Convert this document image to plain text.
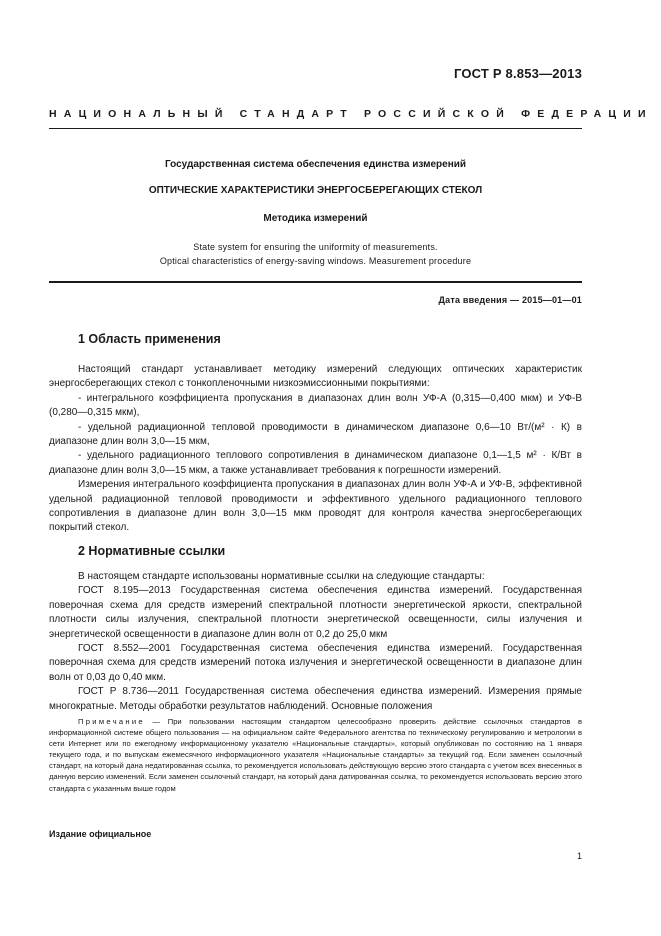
ГОСТ Р 8.853—2013
НАЦИОНАЛЬНЫЙ СТАНДАРТ РОССИЙСКОЙ ФЕДЕРАЦИИ
Государственная система обеспечения единства измерений
ОПТИЧЕСКИЕ ХАРАКТЕРИСТИКИ ЭНЕРГОСБЕРЕГАЮЩИХ СТЕКОЛ
Методика измерений
State system for ensuring the uniformity of measurements.
Optical characteristics of energy-saving windows. Measurement procedure
Дата введения — 2015—01—01
1 Область применения

Настоящий стандарт устанавливает методику измерений следующих оптических характеристик энергосберегающих стекол с тонкопленочными низкоэмиссионными покрытиями:

- интегрального коэффициента пропускания в диапазонах длин волн УФ-А (0,315—0,400 мкм) и УФ-В (0,280—0,315 мкм),

- удельной радиационной тепловой проводимости в динамическом диапазоне 0,6—10 Вт/(м² · К) в диапазоне длин волн 3,0—15 мкм,

- удельного радиационного теплового сопротивления в динамическом диапазоне 0,1—1,5 м² · К/Вт в диапазоне длин волн 3,0—15 мкм, а также устанавливает требования к погрешности измерений.

Измерения интегрального коэффициента пропускания в диапазонах длин волн УФ-А и УФ-В, эффективной удельной радиационной тепловой проводимости и эффективного удельного радиационного теплового сопротивления в диапазоне длин волн 3,0—15 мкм проводят для контроля качества энергосберегающих покрытий стекол.

2 Нормативные ссылки

В настоящем стандарте использованы нормативные ссылки на следующие стандарты:

ГОСТ 8.195—2013 Государственная система обеспечения единства измерений. Государственная поверочная схема для средств измерений спектральной плотности энергетической яркости, спектральной плотности силы излучения, спектральной плотности энергетической освещенности, силы излучения и энергетической освещенности в диапазоне длин волн от 0,2 до 25,0 мкм

ГОСТ 8.552—2001 Государственная система обеспечения единства измерений. Государственная поверочная схема для средств измерений потока излучения и энергетической освещенности в диапазоне длин волн от 0,03 до 0,40 мкм.

ГОСТ Р 8.736—2011 Государственная система обеспечения единства измерений. Измерения прямые многократные. Методы обработки результатов наблюдений. Основные положения

Примечание — При пользовании настоящим стандартом целесообразно проверить действие ссылочных стандартов в информационной системе общего пользования — на официальном сайте Федерального агентства по техническому регулированию и метрологии в сети Интернет или по ежегодному информационному указателю «Национальные стандарты», который опубликован по состоянию на 1 января текущего года, и по выпускам ежемесячного информационного указателя «Национальные стандарты» за текущий год. Если заменен ссылочный стандарт, на который дана недатированная ссылка, то рекомендуется использовать действующую версию этого стандарта с учетом всех внесенных в данную версию изменений. Если заменен ссылочный стандарт, на который дана датированная ссылка, то рекомендуется использовать версию этого стандарта с указанным выше годом

Издание официальное
1
